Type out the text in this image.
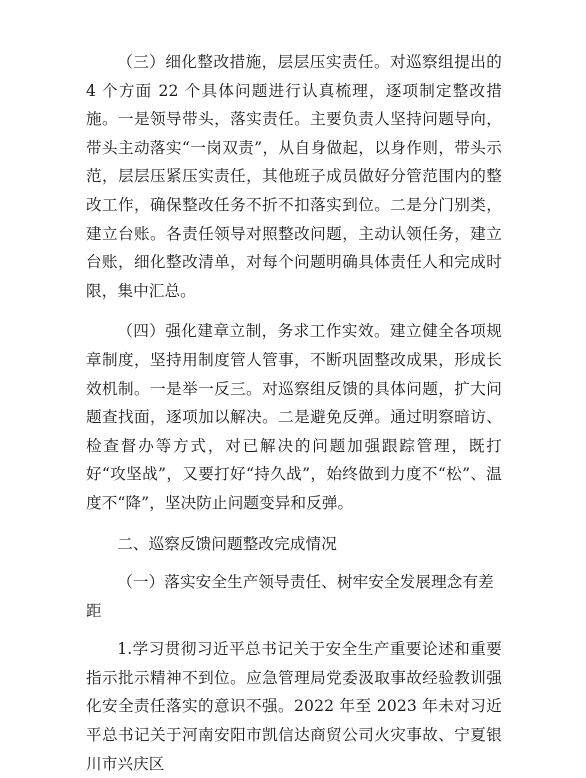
（三）细化整改措施，层层压实责任。对巡察组提出的 4 个方面 22 个具体问题进行认真梳理，逐项制定整改措施。一是领导带头，落实责任。主要负责人坚持问题导向，带头主动落实“一岗双责”，从自身做起，以身作则，带头示范，层层压紧压实责任，其他班子成员做好分管范围内的整改工作，确保整改任务不折不扣落实到位。二是分门别类，建立台账。各责任领导对照整改问题，主动认领任务，建立台账，细化整改清单，对每个问题明确具体责任人和完成时限，集中汇总。

（四）强化建章立制，务求工作实效。建立健全各项规章制度，坚持用制度管人管事，不断巩固整改成果，形成长效机制。一是举一反三。对巡察组反馈的具体问题，扩大问题查找面，逐项加以解决。二是避免反弹。通过明察暗访、检查督办等方式，对已解决的问题加强跟踪管理，既打好“攻坚战”，又要打好“持久战”，始终做到力度不“松”、温度不“降”，坚决防止问题变异和反弹。

二、巡察反馈问题整改完成情况

（一）落实安全生产领导责任、树牢安全发展理念有差距

1.学习贯彻习近平总书记关于安全生产重要论述和重要指示批示精神不到位。应急管理局党委汲取事故经验教训强化安全责任落实的意识不强。2022 年至 2023 年未对习近平总书记关于河南安阳市凯信达商贸公司火灾事故、宁夏银川市兴庆区
